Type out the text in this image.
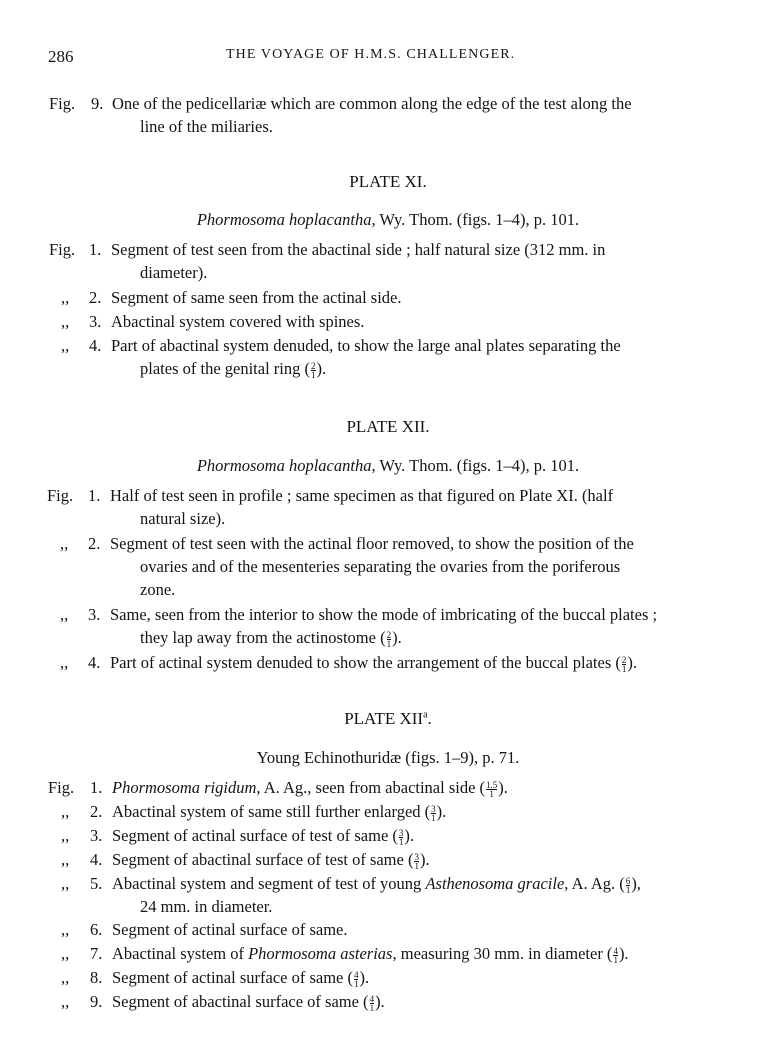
286	THE VOYAGE OF H.M.S. CHALLENGER.
Fig. 9. One of the pedicellariæ which are common along the edge of the test along the
line of the miliaries.
PLATE XI.
Phormosoma hoplacantha, Wy. Thom. (figs. 1–4), p. 101.
Fig. 1. Segment of test seen from the abactinal side ; half natural size (312 mm. in
diameter).
,, 2. Segment of same seen from the actinal side.
,, 3. Abactinal system covered with spines.
,, 4. Part of abactinal system denuded, to show the large anal plates separating the
plates of the genital ring ( $\frac{2}{1}$ ).
PLATE XII.
Phormosoma hoplacantha, Wy. Thom. (figs. 1–4), p. 101.
Fig. 1. Half of test seen in profile ; same specimen as that figured on Plate XI. (half
natural size).
,, 2. Segment of test seen with the actinal floor removed, to show the position of the
ovaries and of the mesenteries separating the ovaries from the poriferous
zone.
,, 3. Same, seen from the interior to show the mode of imbricating of the buccal plates ;
they lap away from the actinostome ( $\frac{2}{1}$ ).
,, 4. Part of actinal system denuded to show the arrangement of the buccal plates ( $\frac{2}{1}$ ).
PLATE XII$^a$.
Young Echinothuridæ (figs. 1–9), p. 71.
Fig. 1. Phormosoma rigidum, A. Ag., seen from abactinal side ( $\frac{1.5}{1}$ ).
,, 2. Abactinal system of same still further enlarged ( $\frac{3}{1}$ ).
,, 3. Segment of actinal surface of test of same ( $\frac{3}{1}$ ).
,, 4. Segment of abactinal surface of test of same ( $\frac{3}{1}$ ).
,, 5. Abactinal system and segment of test of young Asthenosoma gracile, A. Ag. ( $\frac{6}{1}$ ),
24 mm. in diameter.
,, 6. Segment of actinal surface of same.
,, 7. Abactinal system of Phormosoma asterias, measuring 30 mm. in diameter ( $\frac{4}{1}$ ).
,, 8. Segment of actinal surface of same ( $\frac{4}{1}$ ).
,, 9. Segment of abactinal surface of same ( $\frac{4}{1}$ ).
